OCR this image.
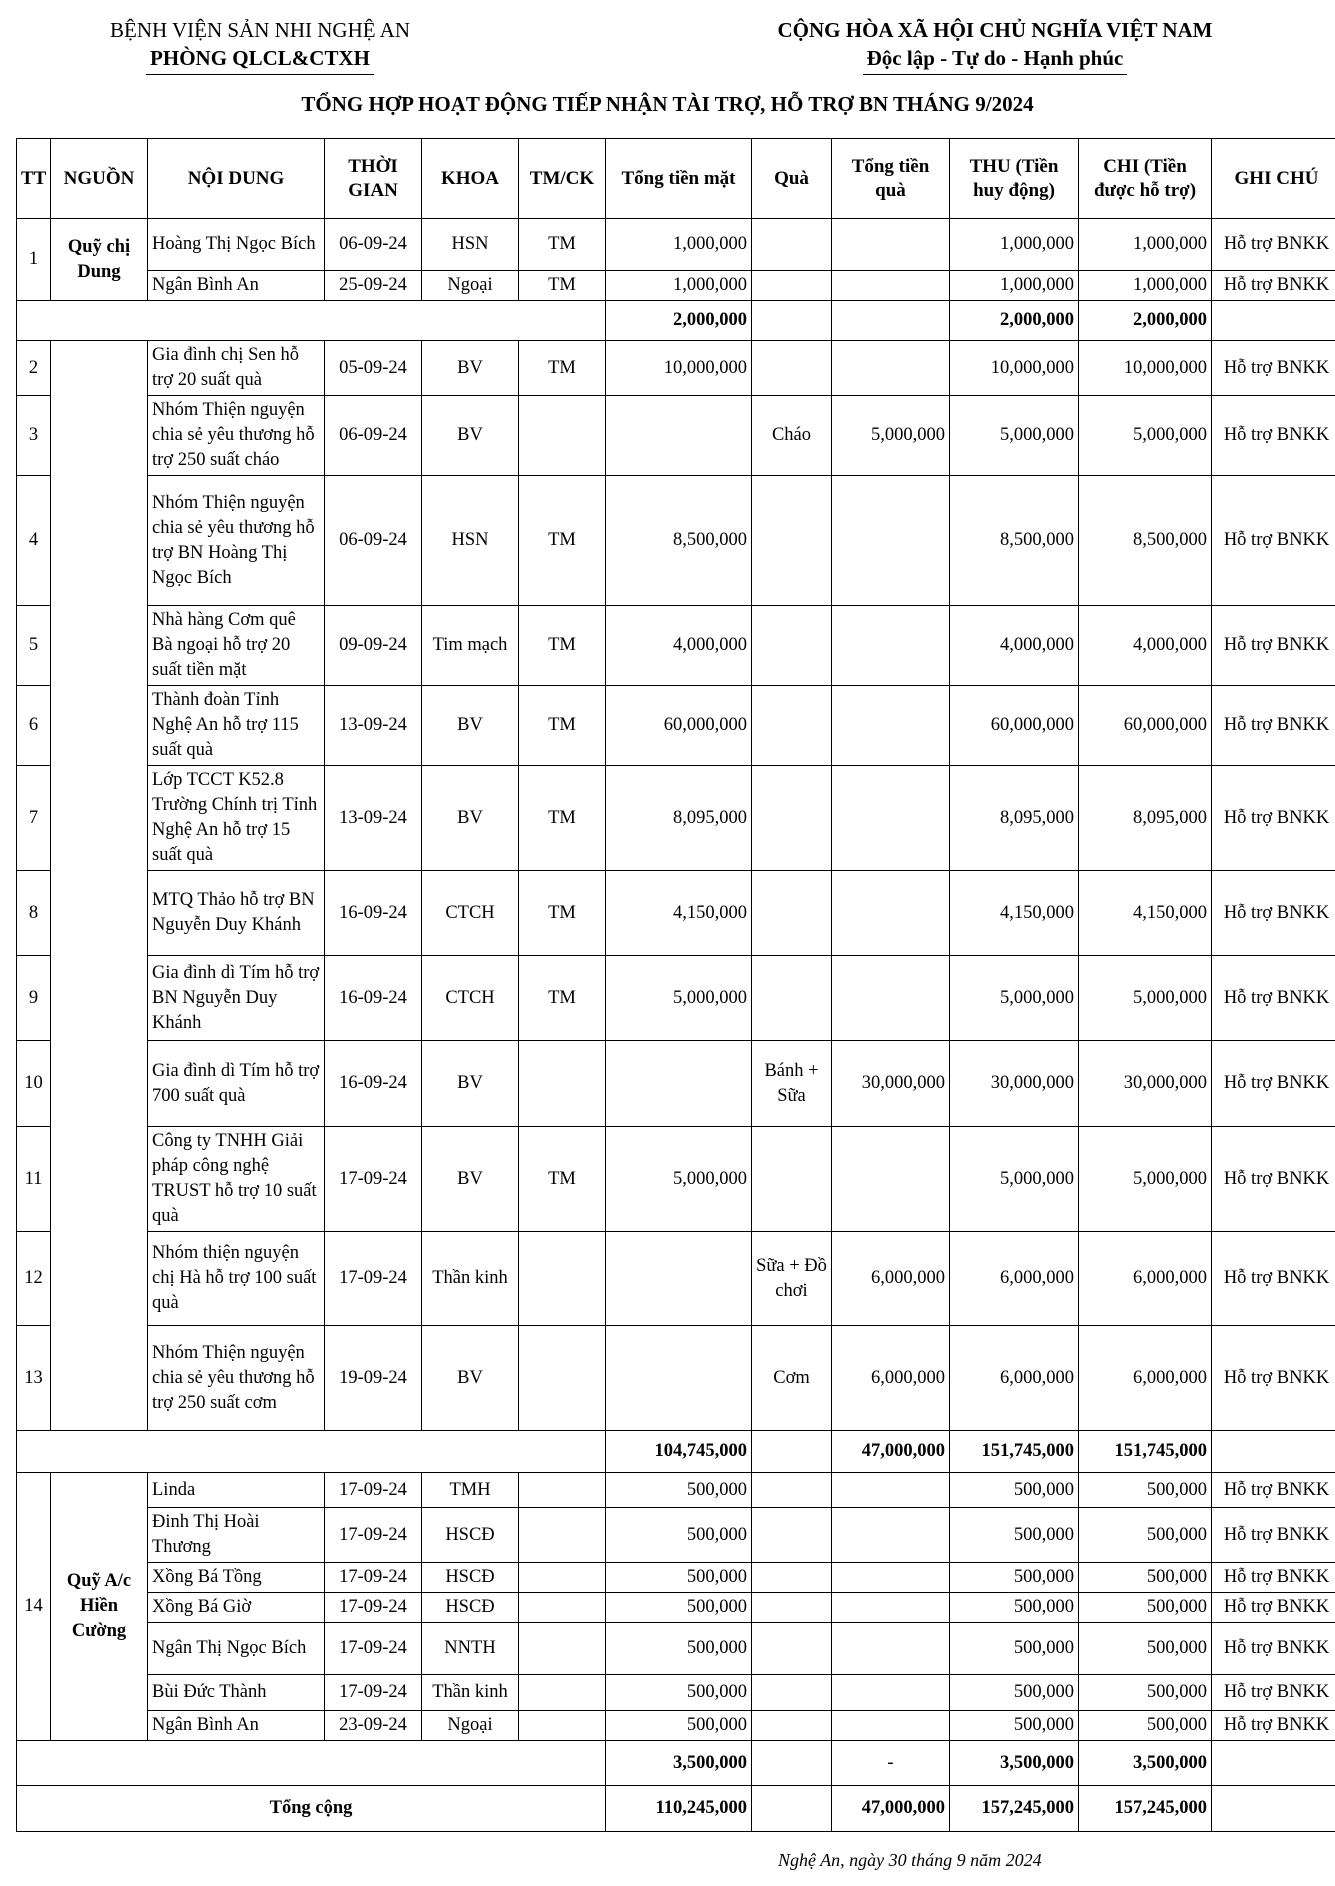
BỆNH VIỆN SẢN NHI NGHỆ AN
PHÒNG QLCL&CTXH
CỘNG HÒA XÃ HỘI CHỦ NGHĨA VIỆT NAM
Độc lập - Tự do - Hạnh phúc
TỔNG HỢP HOẠT ĐỘNG TIẾP NHẬN TÀI TRỢ, HỖ TRỢ BN THÁNG 9/2024
TT	NGUỒN	NỘI DUNG	THỜI GIAN	KHOA	TM/CK	Tổng tiền mặt	Quà	Tổng tiền quà	THU (Tiền huy động)	CHI (Tiền được hỗ trợ)	GHI CHÚ
1	Quỹ chị Dung	Hoàng Thị Ngọc Bích	06-09-24	HSN	TM	1,000,000			1,000,000	1,000,000	Hỗ trợ BNKK
		Ngân Bình An	25-09-24	Ngoại	TM	1,000,000			1,000,000	1,000,000	Hỗ trợ BNKK
						2,000,000			2,000,000	2,000,000	
2		Gia đình chị Sen hỗ trợ 20 suất quà	05-09-24	BV	TM	10,000,000			10,000,000	10,000,000	Hỗ trợ BNKK
3		Nhóm Thiện nguyện chia sẻ yêu thương hỗ trợ 250 suất cháo	06-09-24	BV			Cháo	5,000,000	5,000,000	5,000,000	Hỗ trợ BNKK
4		Nhóm Thiện nguyện chia sẻ yêu thương hỗ trợ BN Hoàng Thị Ngọc Bích	06-09-24	HSN	TM	8,500,000			8,500,000	8,500,000	Hỗ trợ BNKK
5		Nhà hàng Cơm quê Bà ngoại hỗ trợ 20 suất tiền mặt	09-09-24	Tim mạch	TM	4,000,000			4,000,000	4,000,000	Hỗ trợ BNKK
6		Thành đoàn Tỉnh Nghệ An hỗ trợ 115 suất quà	13-09-24	BV	TM	60,000,000			60,000,000	60,000,000	Hỗ trợ BNKK
7		Lớp TCCT K52.8 Trường Chính trị Tỉnh Nghệ An hỗ trợ 15 suất quà	13-09-24	BV	TM	8,095,000			8,095,000	8,095,000	Hỗ trợ BNKK
8		MTQ Thảo hỗ trợ BN Nguyễn Duy Khánh	16-09-24	CTCH	TM	4,150,000			4,150,000	4,150,000	Hỗ trợ BNKK
9		Gia đình dì Tím hỗ trợ BN Nguyễn Duy Khánh	16-09-24	CTCH	TM	5,000,000			5,000,000	5,000,000	Hỗ trợ BNKK
10		Gia đình dì Tím hỗ trợ 700 suất quà	16-09-24	BV			Bánh + Sữa	30,000,000	30,000,000	30,000,000	Hỗ trợ BNKK
11		Công ty TNHH Giải pháp công nghệ TRUST hỗ trợ 10 suất quà	17-09-24	BV	TM	5,000,000			5,000,000	5,000,000	Hỗ trợ BNKK
12		Nhóm thiện nguyện chị Hà hỗ trợ 100 suất quà	17-09-24	Thần kinh			Sữa + Đồ chơi	6,000,000	6,000,000	6,000,000	Hỗ trợ BNKK
13		Nhóm Thiện nguyện chia sẻ yêu thương hỗ trợ 250 suất cơm	19-09-24	BV			Cơm	6,000,000	6,000,000	6,000,000	Hỗ trợ BNKK
						104,745,000		47,000,000	151,745,000	151,745,000	
14	Quỹ A/c Hiền Cường	Linda	17-09-24	TMH		500,000			500,000	500,000	Hỗ trợ BNKK
		Đinh Thị Hoài Thương	17-09-24	HSCĐ		500,000			500,000	500,000	Hỗ trợ BNKK
		Xồng Bá Tồng	17-09-24	HSCĐ		500,000			500,000	500,000	Hỗ trợ BNKK
		Xồng Bá Giờ	17-09-24	HSCĐ		500,000			500,000	500,000	Hỗ trợ BNKK
		Ngân Thị Ngọc Bích	17-09-24	NNTH		500,000			500,000	500,000	Hỗ trợ BNKK
		Bùi Đức Thành	17-09-24	Thần kinh		500,000			500,000	500,000	Hỗ trợ BNKK
		Ngân Bình An	23-09-24	Ngoại		500,000			500,000	500,000	Hỗ trợ BNKK
						3,500,000		-	3,500,000	3,500,000	
Tổng cộng						110,245,000		47,000,000	157,245,000	157,245,000	
Nghệ An, ngày 30 tháng 9 năm 2024
